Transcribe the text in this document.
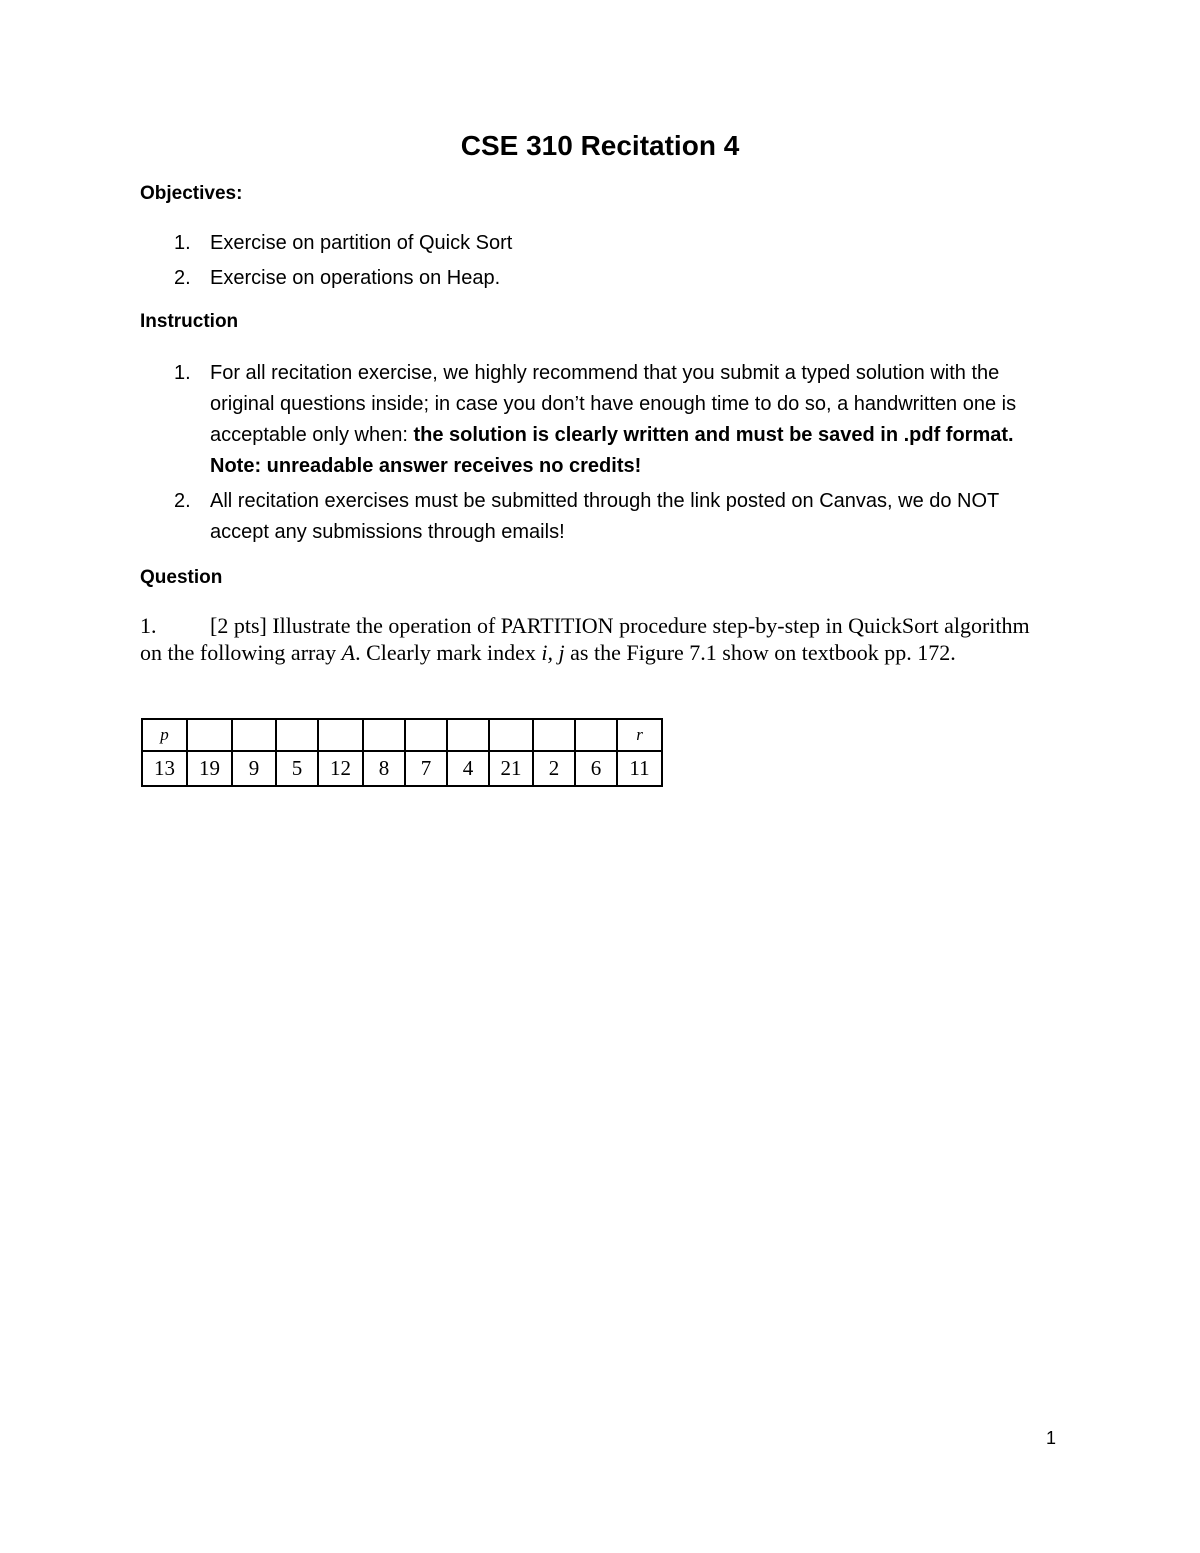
CSE 310 Recitation 4
Objectives:
1. Exercise on partition of Quick Sort
2. Exercise on operations on Heap.
Instruction
1. For all recitation exercise, we highly recommend that you submit a typed solution with the original questions inside; in case you don’t have enough time to do so, a handwritten one is acceptable only when: the solution is clearly written and must be saved in .pdf format. Note: unreadable answer receives no credits!
2. All recitation exercises must be submitted through the link posted on Canvas, we do NOT accept any submissions through emails!
Question

1. [2 pts] Illustrate the operation of PARTITION procedure step-by-step in QuickSort algorithm on the following array A. Clearly mark index i, j as the Figure 7.1 show on textbook pp. 172.

p											r
13	19	9	5	12	8	7	4	21	2	6	11

1
